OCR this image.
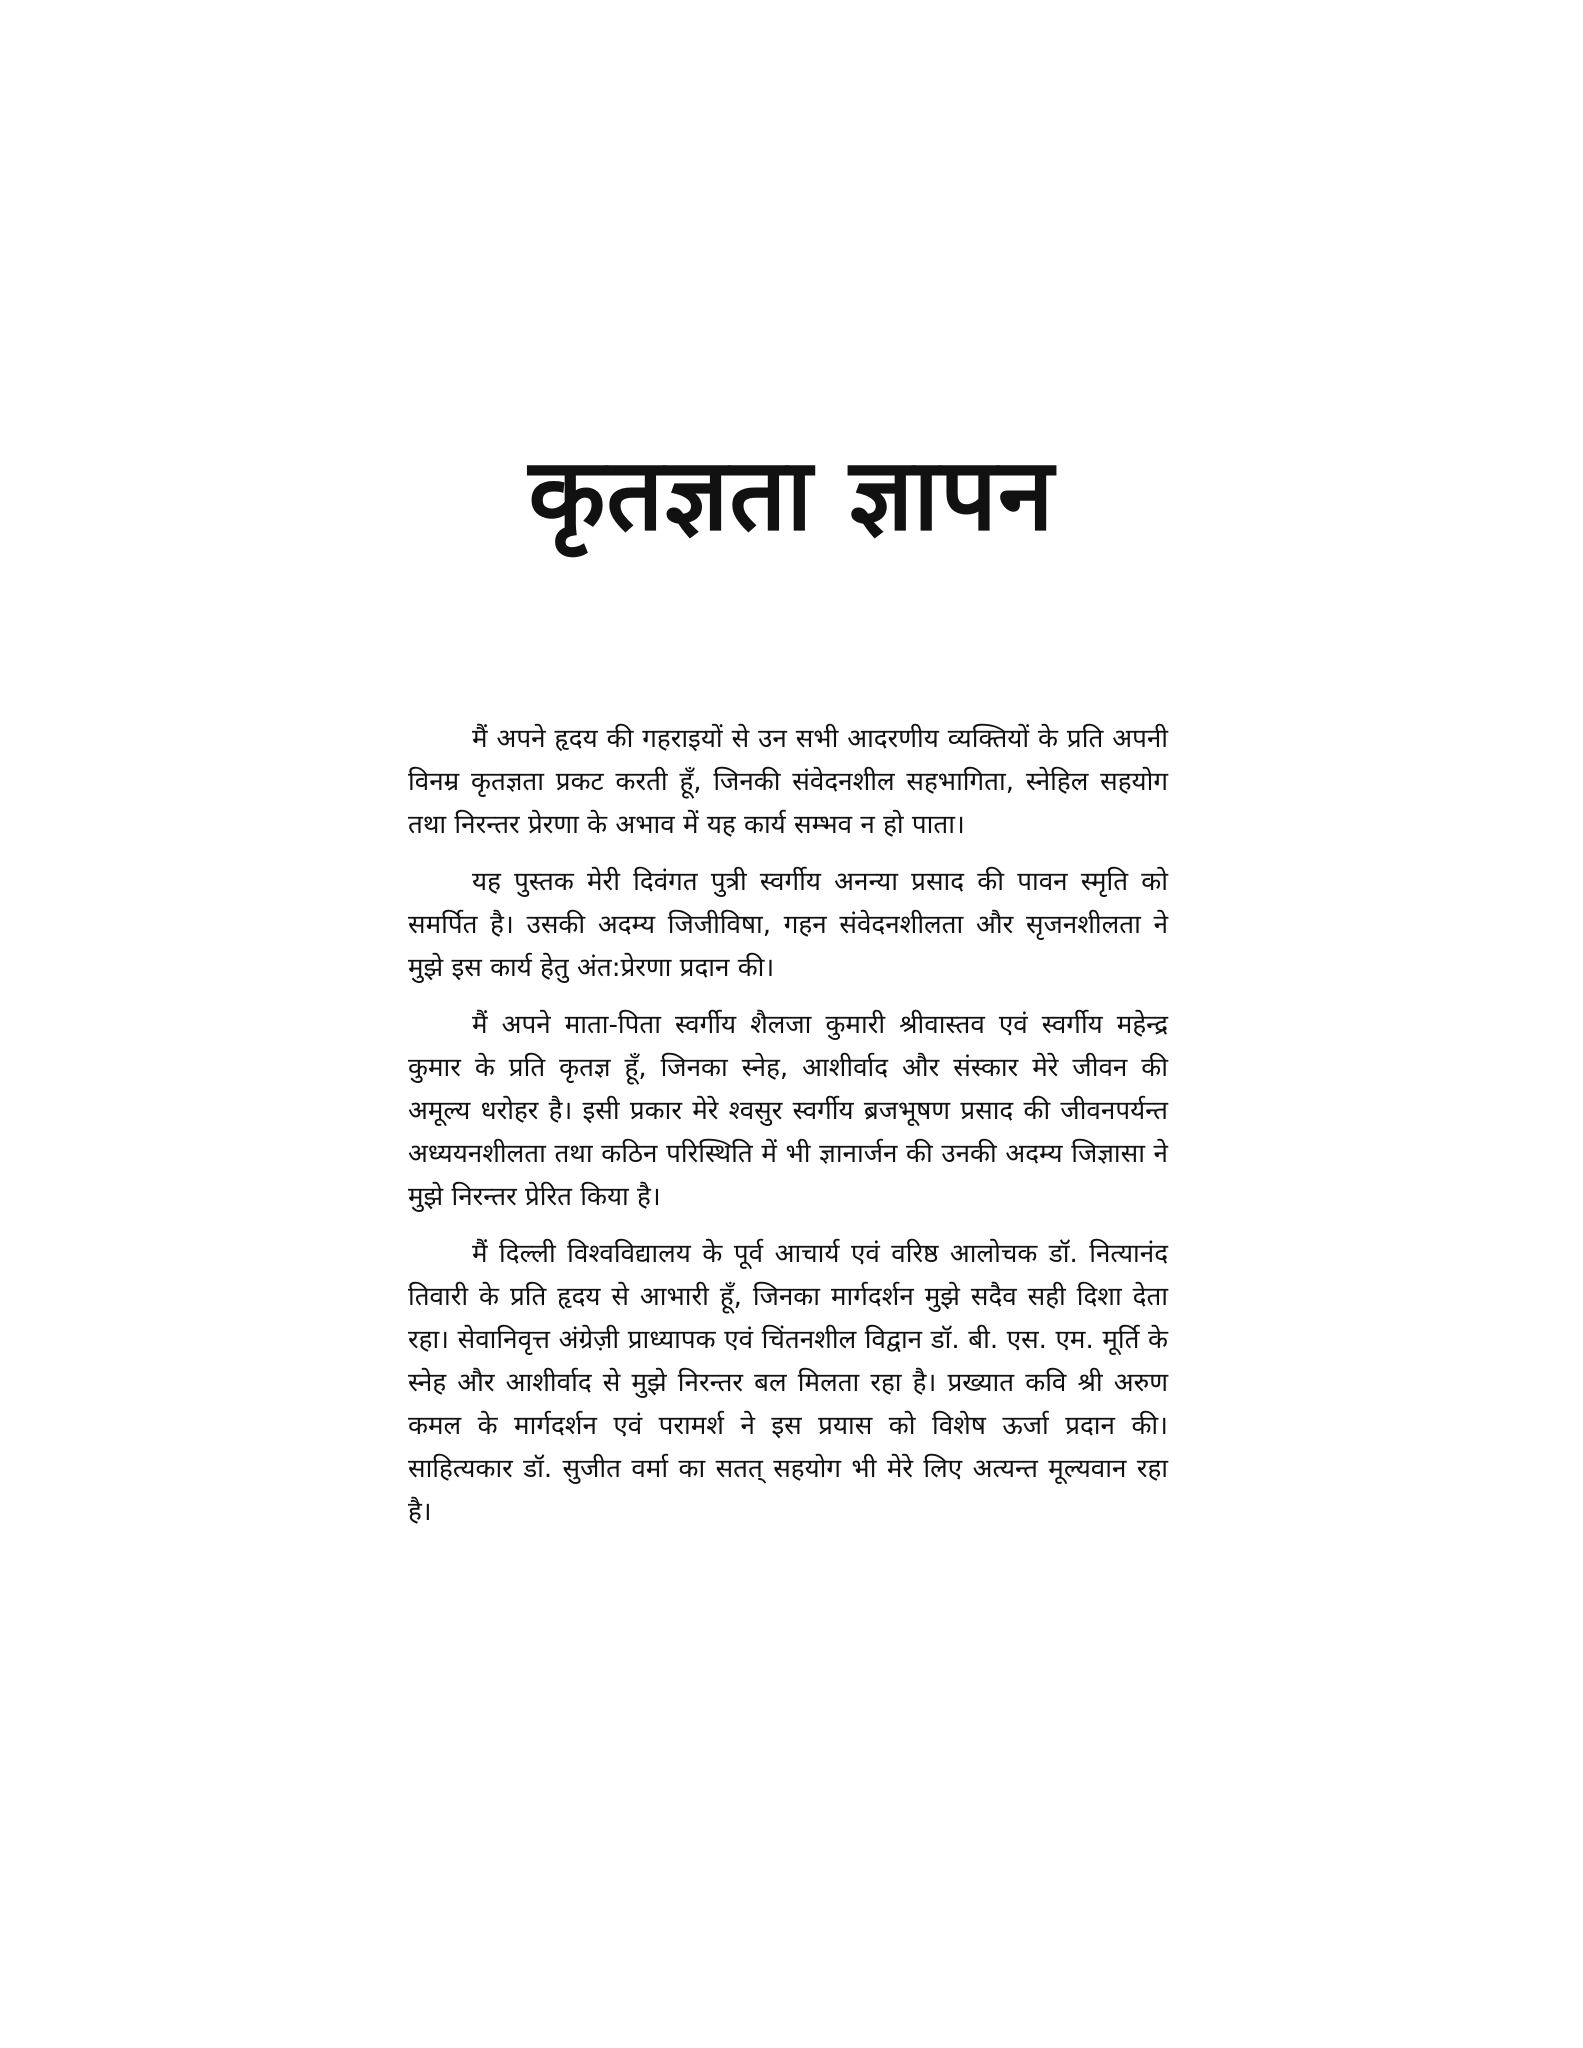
कृतज्ञता ज्ञापन

मैं अपने हृदय की गहराइयों से उन सभी आदरणीय व्यक्तियों के प्रति अपनी विनम्र कृतज्ञता प्रकट करती हूँ, जिनकी संवेदनशील सहभागिता, स्नेहिल सहयोग तथा निरन्तर प्रेरणा के अभाव में यह कार्य सम्भव न हो पाता।

यह पुस्तक मेरी दिवंगत पुत्री स्वर्गीय अनन्या प्रसाद की पावन स्मृति को समर्पित है। उसकी अदम्य जिजीविषा, गहन संवेदनशीलता और सृजनशीलता ने मुझे इस कार्य हेतु अंत:प्रेरणा प्रदान की।

मैं अपने माता-पिता स्वर्गीय शैलजा कुमारी श्रीवास्तव एवं स्वर्गीय महेन्द्र कुमार के प्रति कृतज्ञ हूँ, जिनका स्नेह, आशीर्वाद और संस्कार मेरे जीवन की अमूल्य धरोहर है। इसी प्रकार मेरे श्वसुर स्वर्गीय ब्रजभूषण प्रसाद की जीवनपर्यन्त अध्ययनशीलता तथा कठिन परिस्थिति में भी ज्ञानार्जन की उनकी अदम्य जिज्ञासा ने मुझे निरन्तर प्रेरित किया है।

मैं दिल्ली विश्वविद्यालय के पूर्व आचार्य एवं वरिष्ठ आलोचक डॉ. नित्यानंद तिवारी के प्रति हृदय से आभारी हूँ, जिनका मार्गदर्शन मुझे सदैव सही दिशा देता रहा। सेवानिवृत्त अंग्रेज़ी प्राध्यापक एवं चिंतनशील विद्वान डॉ. बी. एस. एम. मूर्ति के स्नेह और आशीर्वाद से मुझे निरन्तर बल मिलता रहा है। प्रख्यात कवि श्री अरुण कमल के मार्गदर्शन एवं परामर्श ने इस प्रयास को विशेष ऊर्जा प्रदान की। साहित्यकार डॉ. सुजीत वर्मा का सतत् सहयोग भी मेरे लिए अत्यन्त मूल्यवान रहा है।
